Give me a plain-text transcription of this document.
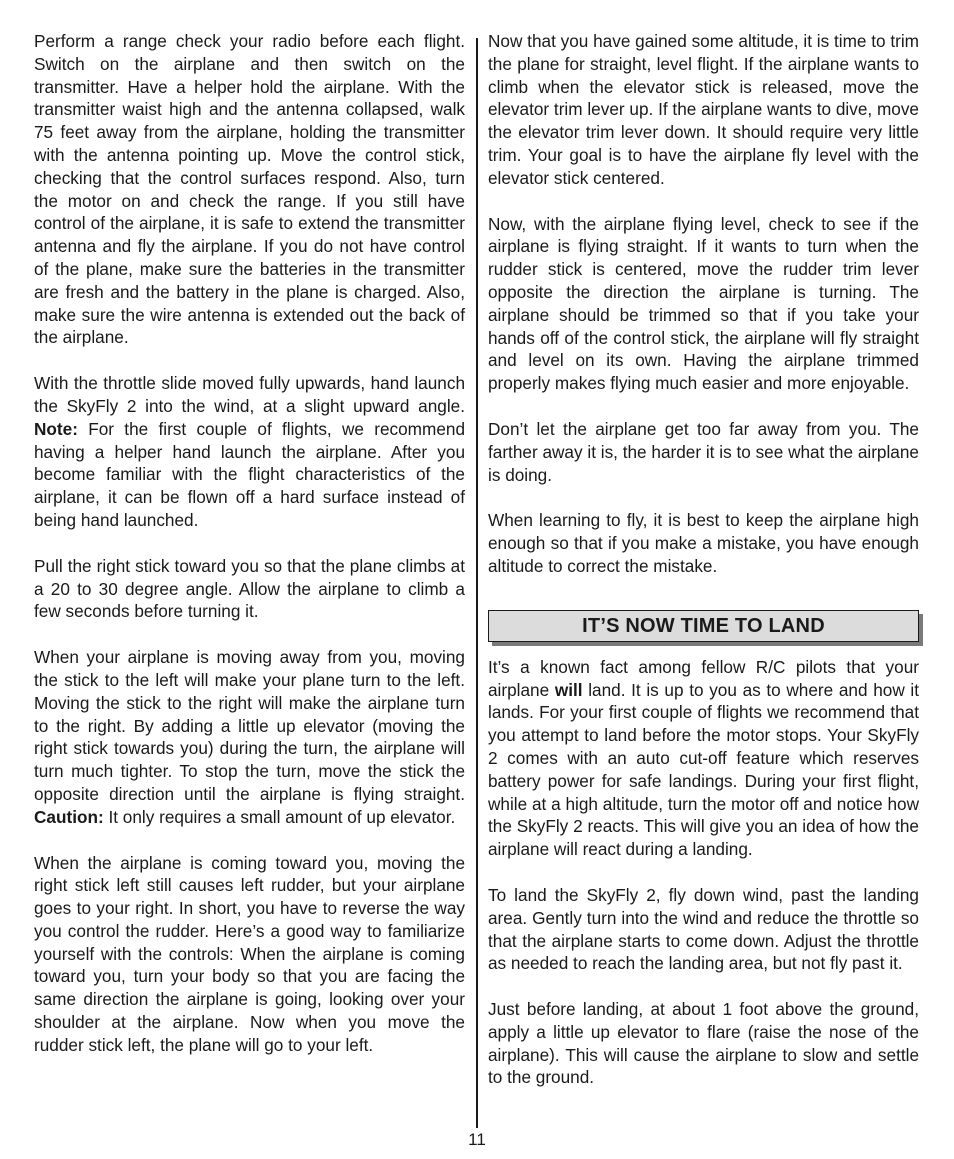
Perform a range check your radio before each flight. Switch on the airplane and then switch on the transmitter. Have a helper hold the airplane. With the transmitter waist high and the antenna collapsed, walk 75 feet away from the airplane, holding the transmitter with the antenna pointing up. Move the control stick, checking that the control surfaces respond. Also, turn the motor on and check the range. If you still have control of the airplane, it is safe to extend the transmitter antenna and fly the airplane. If you do not have control of the plane, make sure the batteries in the transmitter are fresh and the battery in the plane is charged. Also, make sure the wire antenna is extended out the back of the airplane.

With the throttle slide moved fully upwards, hand launch the SkyFly 2 into the wind, at a slight upward angle. Note: For the first couple of flights, we recommend having a helper hand launch the airplane. After you become familiar with the flight characteristics of the airplane, it can be flown off a hard surface instead of being hand launched.

Pull the right stick toward you so that the plane climbs at a 20 to 30 degree angle. Allow the airplane to climb a few seconds before turning it.

When your airplane is moving away from you, moving the stick to the left will make your plane turn to the left. Moving the stick to the right will make the airplane turn to the right. By adding a little up elevator (moving the right stick towards you) during the turn, the airplane will turn much tighter. To stop the turn, move the stick the opposite direction until the airplane is flying straight. Caution: It only requires a small amount of up elevator.

When the airplane is coming toward you, moving the right stick left still causes left rudder, but your airplane goes to your right. In short, you have to reverse the way you control the rudder. Here’s a good way to familiarize yourself with the controls: When the airplane is coming toward you, turn your body so that you are facing the same direction the airplane is going, looking over your shoulder at the airplane. Now when you move the rudder stick left, the plane will go to your left.

Now that you have gained some altitude, it is time to trim the plane for straight, level flight. If the airplane wants to climb when the elevator stick is released, move the elevator trim lever up. If the airplane wants to dive, move the elevator trim lever down. It should require very little trim. Your goal is to have the airplane fly level with the elevator stick centered.

Now, with the airplane flying level, check to see if the airplane is flying straight. If it wants to turn when the rudder stick is centered, move the rudder trim lever opposite the direction the airplane is turning. The airplane should be trimmed so that if you take your hands off of the control stick, the airplane will fly straight and level on its own. Having the airplane trimmed properly makes flying much easier and more enjoyable.

Don’t let the airplane get too far away from you. The farther away it is, the harder it is to see what the airplane is doing.

When learning to fly, it is best to keep the airplane high enough so that if you make a mistake, you have enough altitude to correct the mistake.

IT’S NOW TIME TO LAND

It’s a known fact among fellow R/C pilots that your airplane will land. It is up to you as to where and how it lands. For your first couple of flights we recommend that you attempt to land before the motor stops. Your SkyFly 2 comes with an auto cut-off feature which reserves battery power for safe landings. During your first flight, while at a high altitude, turn the motor off and notice how the SkyFly 2 reacts. This will give you an idea of how the airplane will react during a landing.

To land the SkyFly 2, fly down wind, past the landing area. Gently turn into the wind and reduce the throttle so that the airplane starts to come down. Adjust the throttle as needed to reach the landing area, but not fly past it.

Just before landing, at about 1 foot above the ground, apply a little up elevator to flare (raise the nose of the airplane). This will cause the airplane to slow and settle to the ground.

11
